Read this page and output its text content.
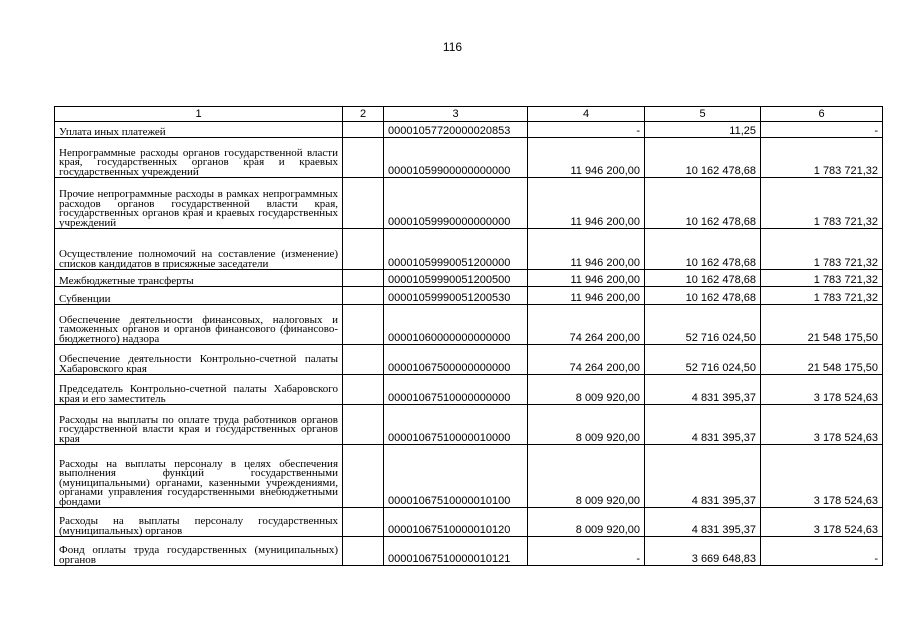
116
1	2	3	4	5	6
Уплата иных платежей		00001057720000020853	-	11,25	-
Непрограммные расходы органов государственной власти края, государственных органов края и краевых государственных учреждений		00001059900000000000	11 946 200,00	10 162 478,68	1 783 721,32
Прочие непрограммные расходы в рамках непрограммных расходов органов государственной власти края, государственных органов края и краевых государственных учреждений		00001059990000000000	11 946 200,00	10 162 478,68	1 783 721,32
Осуществление полномочий на составление (изменение) списков кандидатов в присяжные заседатели		00001059990051200000	11 946 200,00	10 162 478,68	1 783 721,32
Межбюджетные трансферты		00001059990051200500	11 946 200,00	10 162 478,68	1 783 721,32
Субвенции		00001059990051200530	11 946 200,00	10 162 478,68	1 783 721,32
Обеспечение деятельности финансовых, налоговых и таможенных органов и органов финансового (финансово-бюджетного) надзора		00001060000000000000	74 264 200,00	52 716 024,50	21 548 175,50
Обеспечение деятельности Контрольно-счетной палаты Хабаровского края		00001067500000000000	74 264 200,00	52 716 024,50	21 548 175,50
Председатель Контрольно-счетной палаты Хабаровского края и его заместитель		00001067510000000000	8 009 920,00	4 831 395,37	3 178 524,63
Расходы на выплаты по оплате труда работников органов государственной власти края и государственных органов края		00001067510000010000	8 009 920,00	4 831 395,37	3 178 524,63
Расходы на выплаты персоналу в целях обеспечения выполнения функций государственными (муниципальными) органами, казенными учреждениями, органами управления государственными внебюджетными фондами		00001067510000010100	8 009 920,00	4 831 395,37	3 178 524,63
Расходы на выплаты персоналу государственных (муниципальных) органов		00001067510000010120	8 009 920,00	4 831 395,37	3 178 524,63
Фонд оплаты труда государственных (муниципальных) органов		00001067510000010121	-	3 669 648,83	-
